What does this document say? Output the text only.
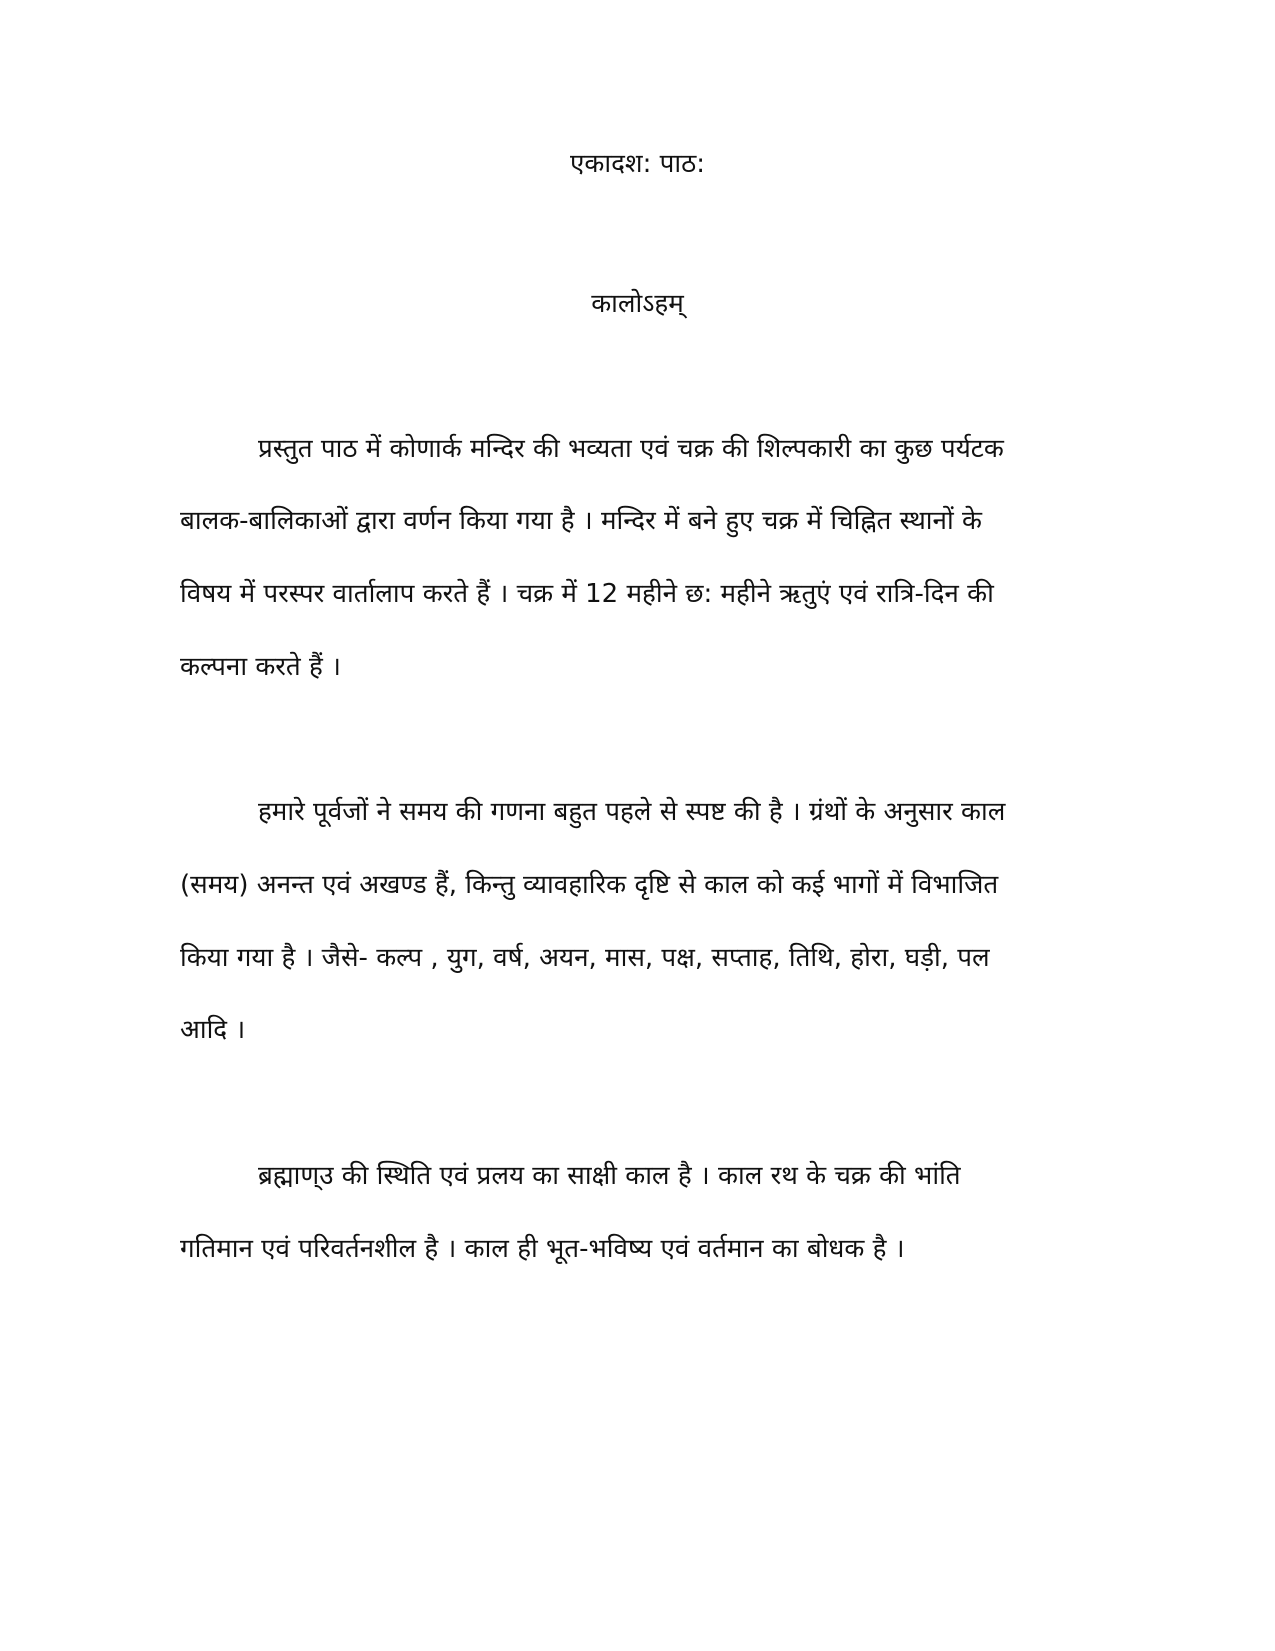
एकादश: पाठ:
कालोऽहम्
प्रस्तुत पाठ में कोणार्क मन्दिर की भव्यता एवं चक्र की शिल्पकारी का कुछ पर्यटक
बालक-बालिकाओं द्वारा वर्णन किया गया है । मन्दिर में बने हुए चक्र में चिह्नित स्थानों के
विषय में परस्पर वार्तालाप करते हैं । चक्र में 12 महीने छ: महीने ऋतुएं एवं रात्रि-दिन की
कल्पना करते हैं ।
हमारे पूर्वजों ने समय की गणना बहुत पहले से स्पष्ट की है । ग्रंथों के अनुसार काल
(समय) अनन्त एवं अखण्ड हैं, किन्तु व्यावहारिक दृष्टि से काल को कई भागों में विभाजित
किया गया है । जैसे- कल्प , युग, वर्ष, अयन, मास, पक्ष, सप्ताह, तिथि, होरा, घड़ी, पल
आदि ।
ब्रह्माण्उ की स्थिति एवं प्रलय का साक्षी काल है । काल रथ के चक्र की भांति
गतिमान एवं परिवर्तनशील है । काल ही भूत-भविष्य एवं वर्तमान का बोधक है ।
